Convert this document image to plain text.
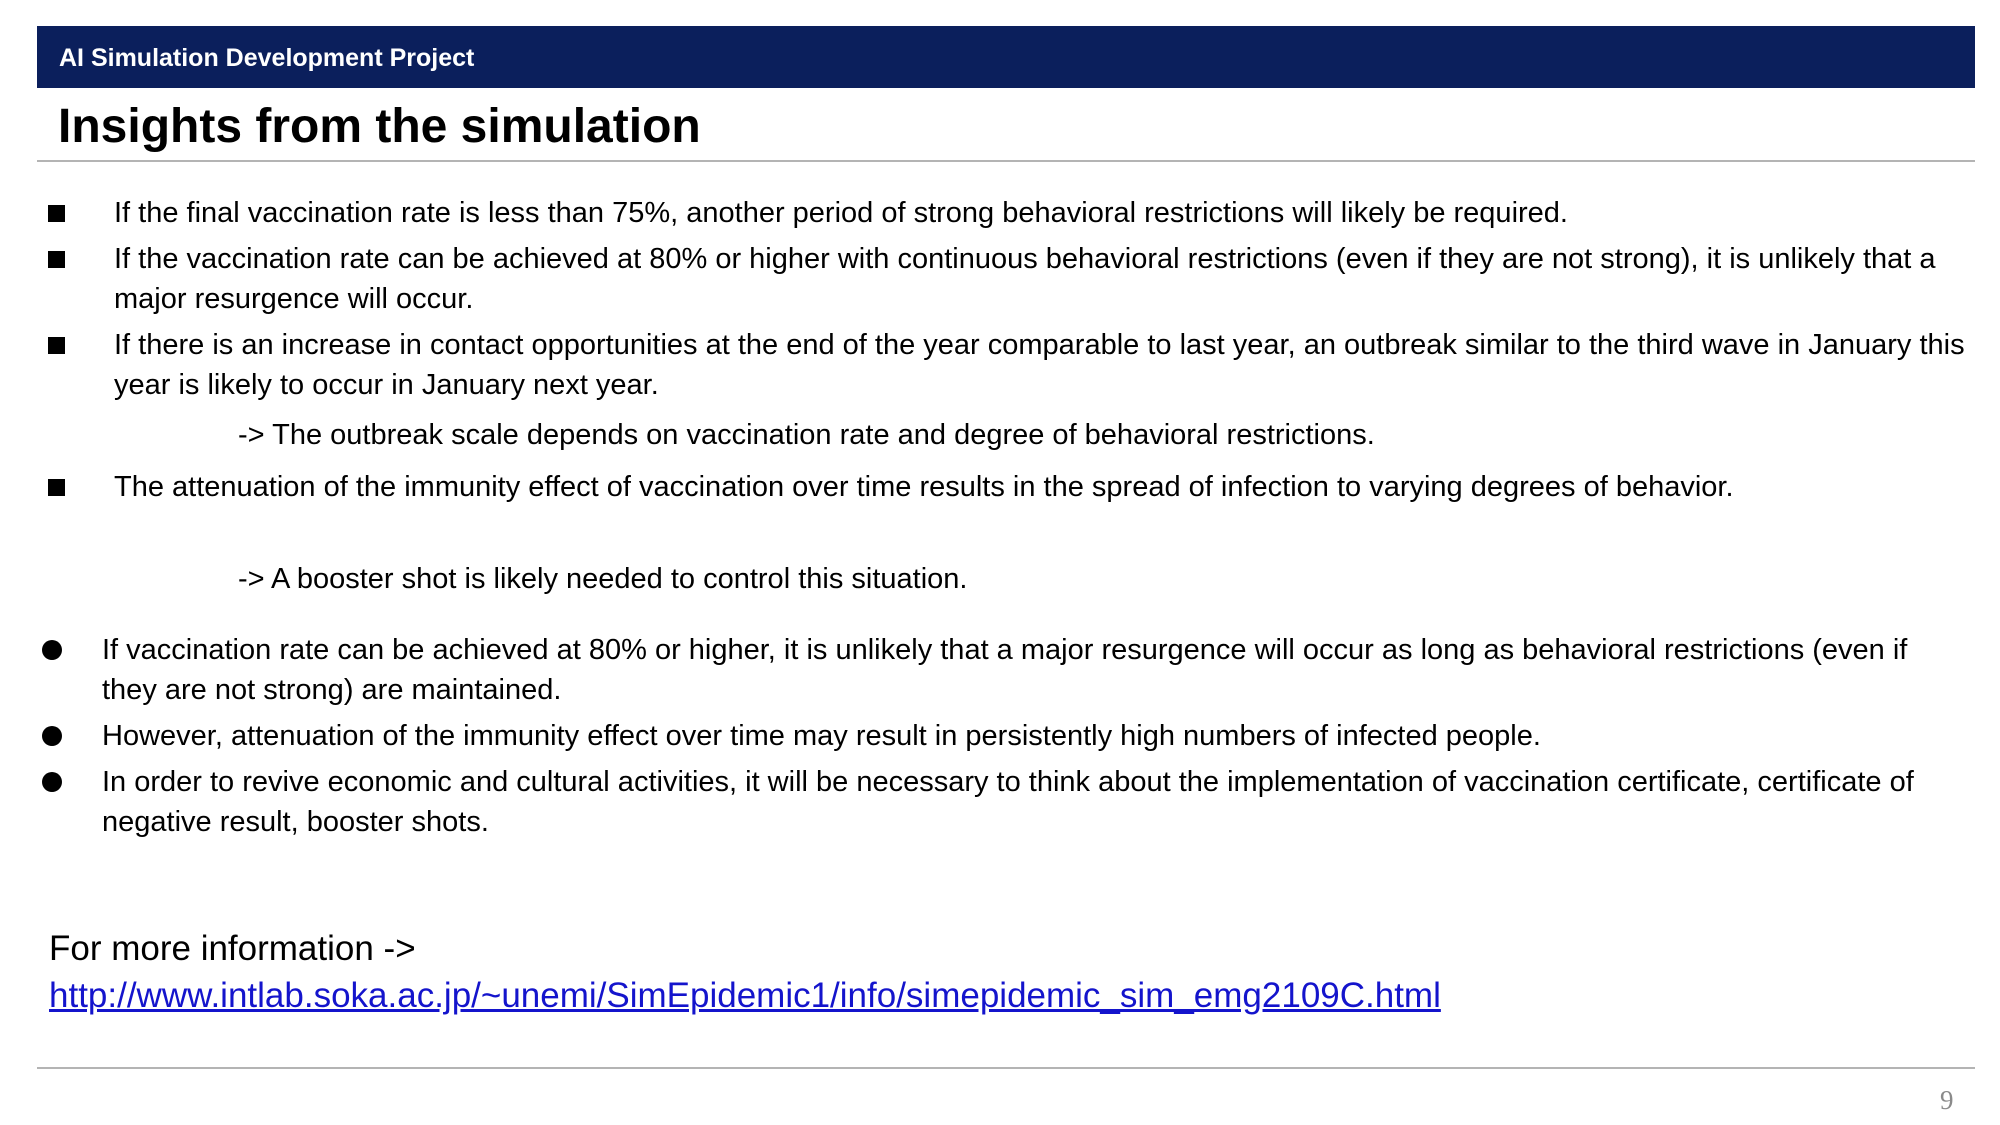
AI Simulation Development Project
Insights from the simulation
If the final vaccination rate is less than 75%, another period of strong behavioral restrictions will likely be required.
If the vaccination rate can be achieved at 80% or higher with continuous behavioral restrictions (even if they are not strong), it is unlikely that a major resurgence will occur.
If there is an increase in contact opportunities at the end of the year comparable to last year, an outbreak similar to the third wave in January this year is likely to occur in January next year.
-> The outbreak scale depends on vaccination rate and degree of behavioral restrictions.
The attenuation of the immunity effect of vaccination over time results in the spread of infection to varying degrees of behavior.
-> A booster shot is likely needed to control this situation.
If vaccination rate can be achieved at 80% or higher, it is unlikely that a major resurgence will occur as long as behavioral restrictions (even if they are not strong) are maintained.
However, attenuation of the immunity effect over time may result in persistently high numbers of infected people.
In order to revive economic and cultural activities, it will be necessary to think about the implementation of vaccination certificate, certificate of negative result, booster shots.
For more information ->
http://www.intlab.soka.ac.jp/~unemi/SimEpidemic1/info/simepidemic_sim_emg2109C.html
9
